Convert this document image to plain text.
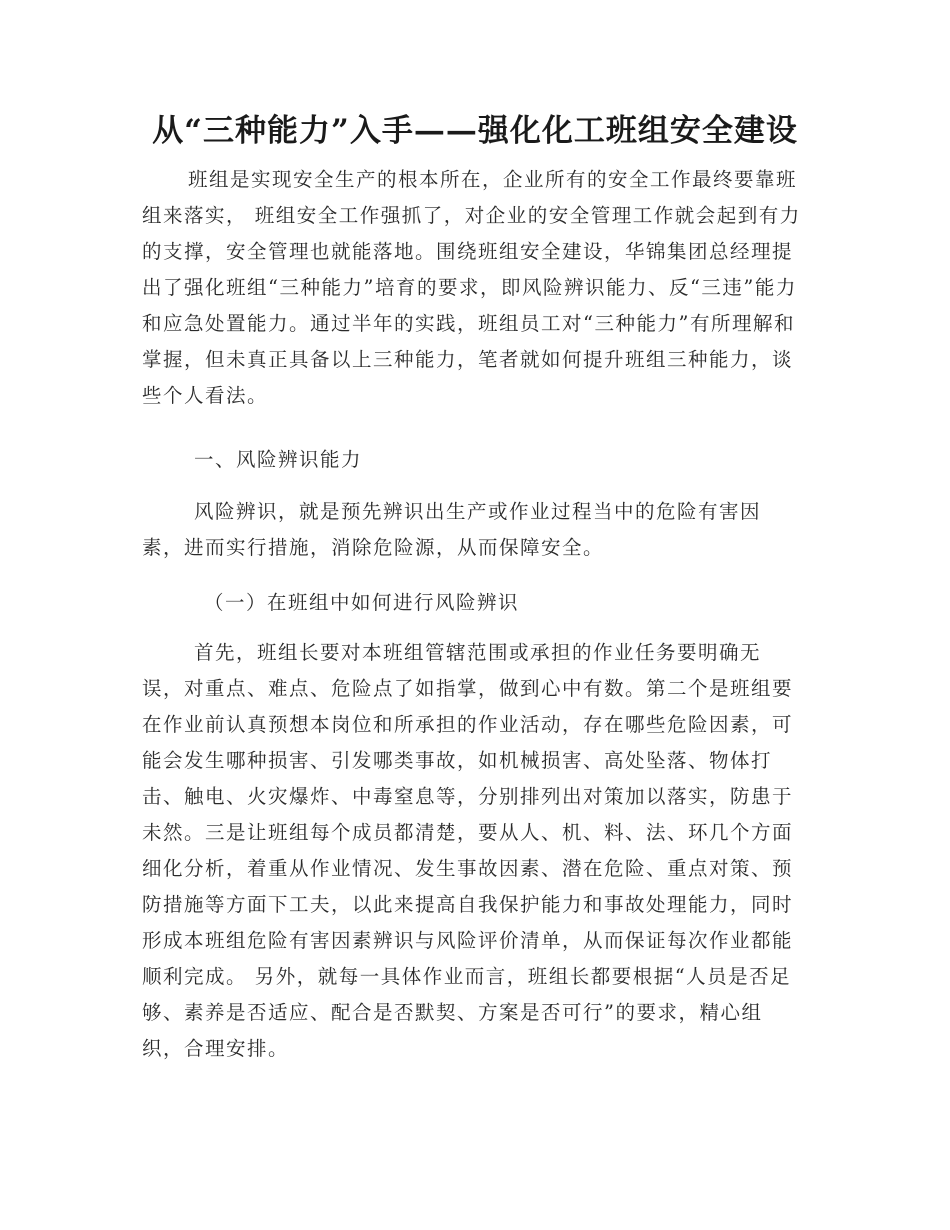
从“三种能力”入手——强化化工班组安全建设

班组是实现安全生产的根本所在，企业所有的安全工作最终要靠班组来落实， 班组安全工作强抓了，对企业的安全管理工作就会起到有力的支撑，安全管理也就能落地。围绕班组安全建设，华锦集团总经理提出了强化班组“三种能力”培育的要求，即风险辨识能力、反“三违”能力和应急处置能力。通过半年的实践，班组员工对“三种能力”有所理解和掌握，但未真正具备以上三种能力，笔者就如何提升班组三种能力，谈些个人看法。

一、风险辨识能力

风险辨识，就是预先辨识出生产或作业过程当中的危险有害因素，进而实行措施，消除危险源，从而保障安全。

（一）在班组中如何进行风险辨识

首先，班组长要对本班组管辖范围或承担的作业任务要明确无误，对重点、难点、危险点了如指掌，做到心中有数。第二个是班组要在作业前认真预想本岗位和所承担的作业活动，存在哪些危险因素，可能会发生哪种损害、引发哪类事故，如机械损害、高处坠落、物体打击、触电、火灾爆炸、中毒窒息等，分别排列出对策加以落实，防患于未然。三是让班组每个成员都清楚，要从人、机、料、法、环几个方面细化分析，着重从作业情况、发生事故因素、潜在危险、重点对策、预防措施等方面下工夫，以此来提高自我保护能力和事故处理能力，同时形成本班组危险有害因素辨识与风险评价清单，从而保证每次作业都能顺利完成。 另外，就每一具体作业而言，班组长都要根据“人员是否足够、素养是否适应、配合是否默契、方案是否可行”的要求，精心组织，合理安排。
